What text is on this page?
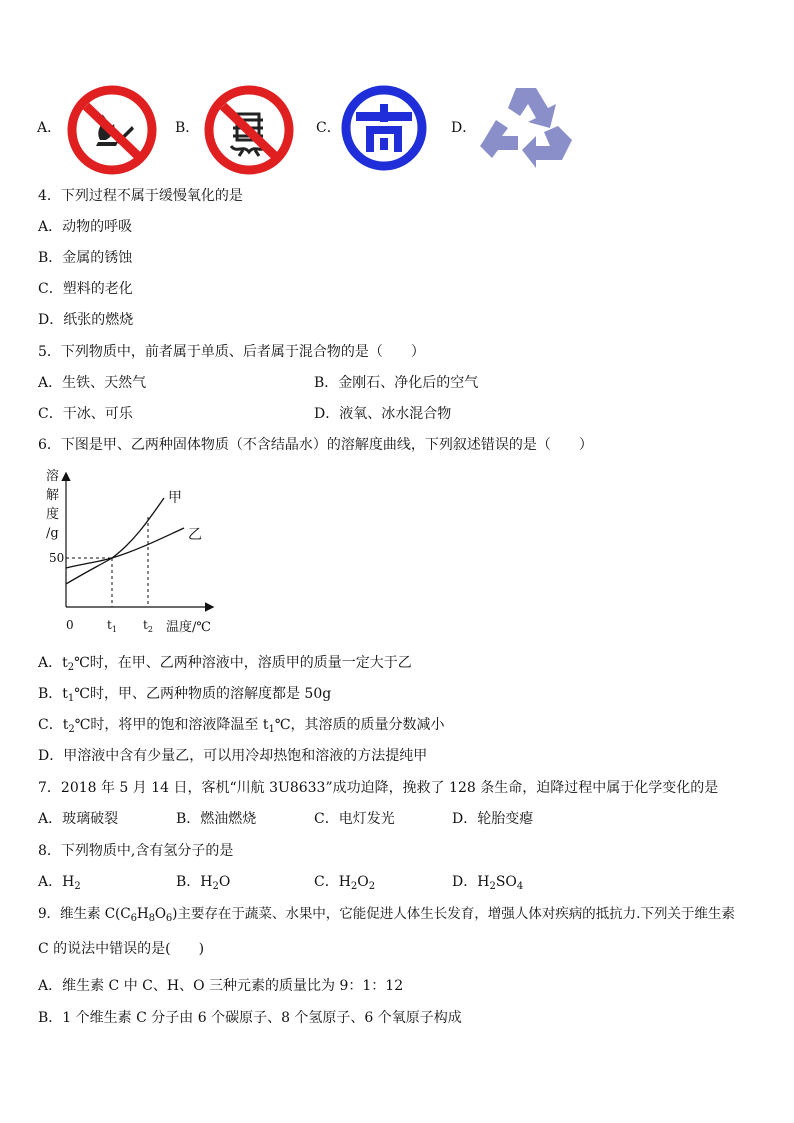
A．	B．	C．	D．
4．下列过程不属于缓慢氧化的是
A．动物的呼吸
B．金属的锈蚀
C．塑料的老化
D．纸张的燃烧
5．下列物质中，前者属于单质、后者属于混合物的是（　　）
A．生铁、天然气	B．金刚石、净化后的空气
C．干冰、可乐	D．液氧、冰水混合物
6．下图是甲、乙两种固体物质（不含结晶水）的溶解度曲线，下列叙述错误的是（　　）
溶
解
度
/g
50
0	$t_1$ $t_2$ 温度/℃
甲
乙
A．$t_2℃$时，在甲、乙两种溶液中，溶质甲的质量一定大于乙
B．$t_1℃$时，甲、乙两种物质的溶解度都是 50g
C．$t_2℃$时，将甲的饱和溶液降温至 $t_1℃$，其溶质的质量分数减小
D．甲溶液中含有少量乙，可以用冷却热饱和溶液的方法提纯甲
7．2018 年 5 月 14 日，客机“川航 3U8633”成功迫降，挽救了 128 条生命，迫降过程中属于化学变化的是
A．玻璃破裂	B．燃油燃烧	C．电灯发光	D．轮胎变瘪
8．下列物质中,含有氢分子的是
A．$H_2$	B．$H_2O$	C．$H_2O_2$	D．$H_2SO_4$
9．维生素 $C(C_6H_8O_6)$主要存在于蔬菜、水果中，它能促进人体生长发育，增强人体对疾病的抵抗力.下列关于维生素
C 的说法中错误的是(　　)
A．维生素 C 中 C、H、O 三种元素的质量比为 9：1：12
B．1 个维生素 C 分子由 6 个碳原子、8 个氢原子、6 个氧原子构成
